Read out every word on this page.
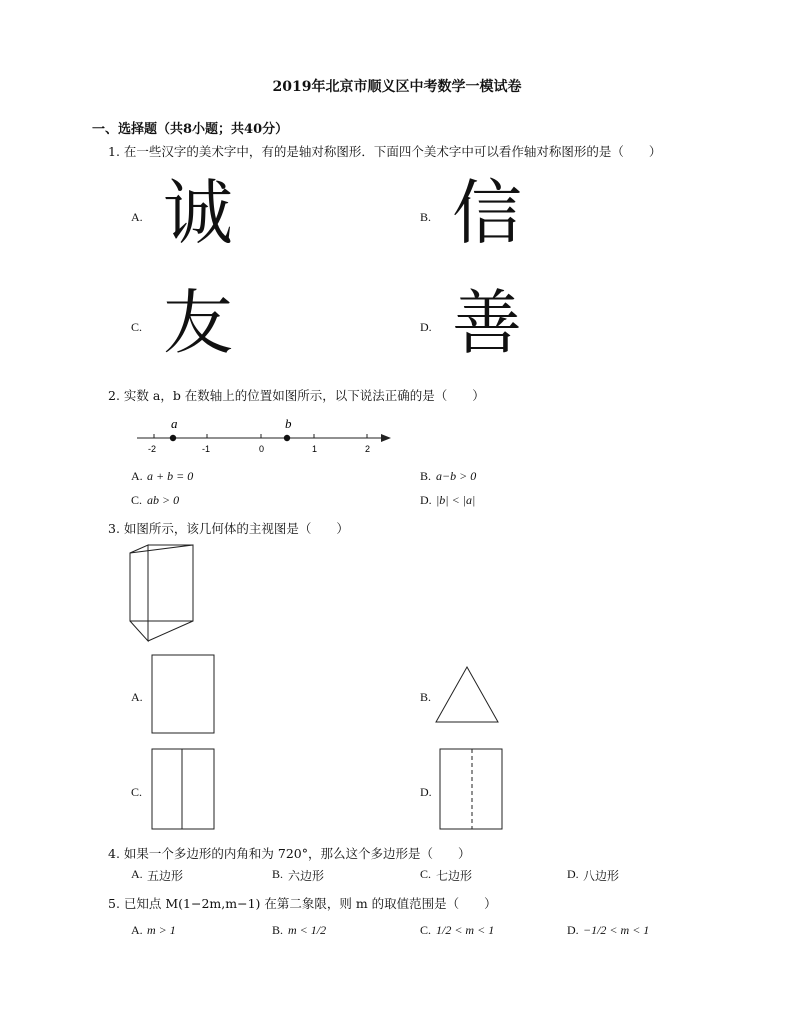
2019年北京市顺义区中考数学一模试卷
一、选择题（共8小题；共40分）
1. 在一些汉字的美术字中，有的是轴对称图形．下面四个美术字中可以看作轴对称图形的是（　　）
A. 诚	B. 信
C. 友	D. 善
2. 实数 a，b 在数轴上的位置如图所示，以下说法正确的是（　　）
a	b
-2	-1	0	1	2
A. a + b = 0	B. a−b > 0
C. ab > 0	D. |b| < |a|
3. 如图所示，该几何体的主视图是（　　）
A.	B.
C.	D.
4. 如果一个多边形的内角和为 720°，那么这个多边形是（　　）
A. 五边形	B. 六边形	C. 七边形	D. 八边形
5. 已知点 M(1−2m,m−1) 在第二象限，则 m 的取值范围是（　　）
A. m > 1	B. m < 1/2	C. 1/2 < m < 1	D. −1/2 < m < 1
